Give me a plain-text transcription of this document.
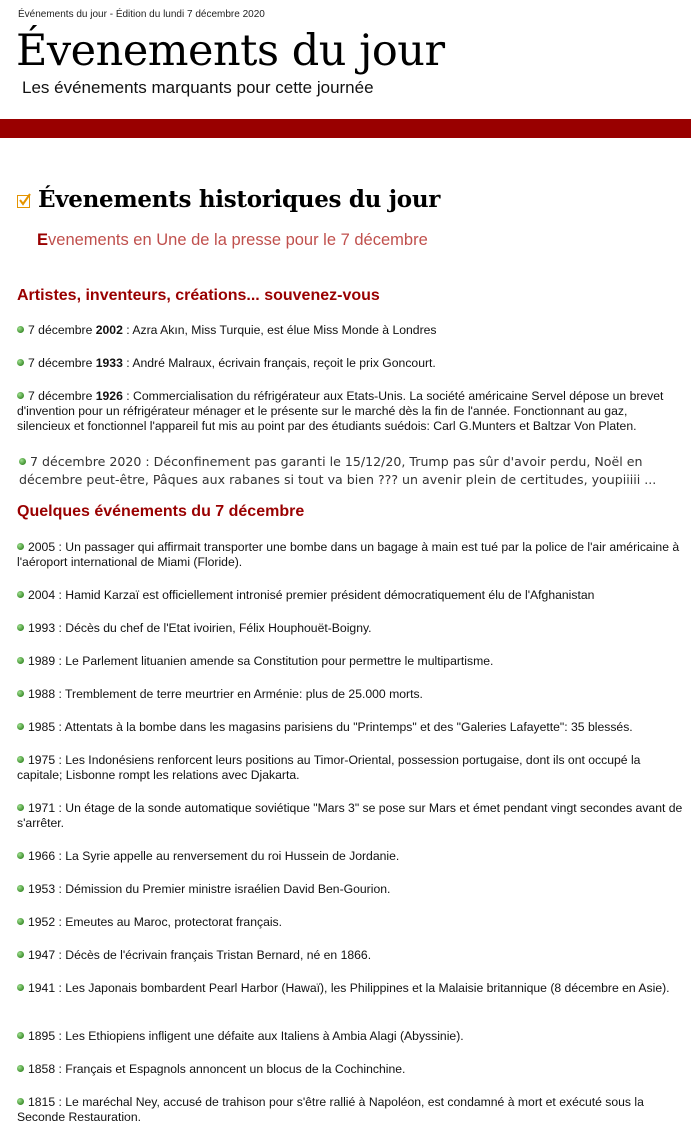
Événements du jour - Édition du lundi 7 décembre 2020
Évenements du jour
Les événements marquants pour cette journée
Évenements historiques du jour
Evenements en Une de la presse pour le 7 décembre
Artistes, inventeurs, créations... souvenez-vous
7 décembre 2002 : Azra Akın, Miss Turquie, est élue Miss Monde à Londres
7 décembre 1933 : André Malraux, écrivain français, reçoit le prix Goncourt.
7 décembre 1926 : Commercialisation du réfrigérateur aux Etats-Unis. La société américaine Servel dépose un brevet d'invention pour un réfrigérateur ménager et le présente sur le marché dès la fin de l'année. Fonctionnant au gaz, silencieux et fonctionnel l'appareil fut mis au point par des étudiants suédois: Carl G.Munters et Baltzar Von Platen.
7 décembre 2020 : Déconfinement pas garanti le 15/12/20, Trump pas sûr d'avoir perdu, Noël en décembre peut-être, Pâques aux rabanes si tout va bien ??? un avenir plein de certitudes, youpiiiii ...
Quelques événements du 7 décembre
2005 : Un passager qui affirmait transporter une bombe dans un bagage à main est tué par la police de l'air américaine à l'aéroport international de Miami (Floride).
2004 : Hamid Karzaï est officiellement intronisé premier président démocratiquement élu de l'Afghanistan
1993 : Décès du chef de l'Etat ivoirien, Félix Houphouët-Boigny.
1989 : Le Parlement lituanien amende sa Constitution pour permettre le multipartisme.
1988 : Tremblement de terre meurtrier en Arménie: plus de 25.000 morts.
1985 : Attentats à la bombe dans les magasins parisiens du "Printemps" et des "Galeries Lafayette": 35 blessés.
1975 : Les Indonésiens renforcent leurs positions au Timor-Oriental, possession portugaise, dont ils ont occupé la capitale; Lisbonne rompt les relations avec Djakarta.
1971 : Un étage de la sonde automatique soviétique "Mars 3" se pose sur Mars et émet pendant vingt secondes avant de s'arrêter.
1966 : La Syrie appelle au renversement du roi Hussein de Jordanie.
1953 : Démission du Premier ministre israélien David Ben-Gourion.
1952 : Emeutes au Maroc, protectorat français.
1947 : Décès de l'écrivain français Tristan Bernard, né en 1866.
1941 : Les Japonais bombardent Pearl Harbor (Hawaï), les Philippines et la Malaisie britannique (8 décembre en Asie).
1895 : Les Ethiopiens infligent une défaite aux Italiens à Ambia Alagi (Abyssinie).
1858 : Français et Espagnols annoncent un blocus de la Cochinchine.
1815 : Le maréchal Ney, accusé de trahison pour s'être rallié à Napoléon, est condamné à mort et exécuté sous la Seconde Restauration.
